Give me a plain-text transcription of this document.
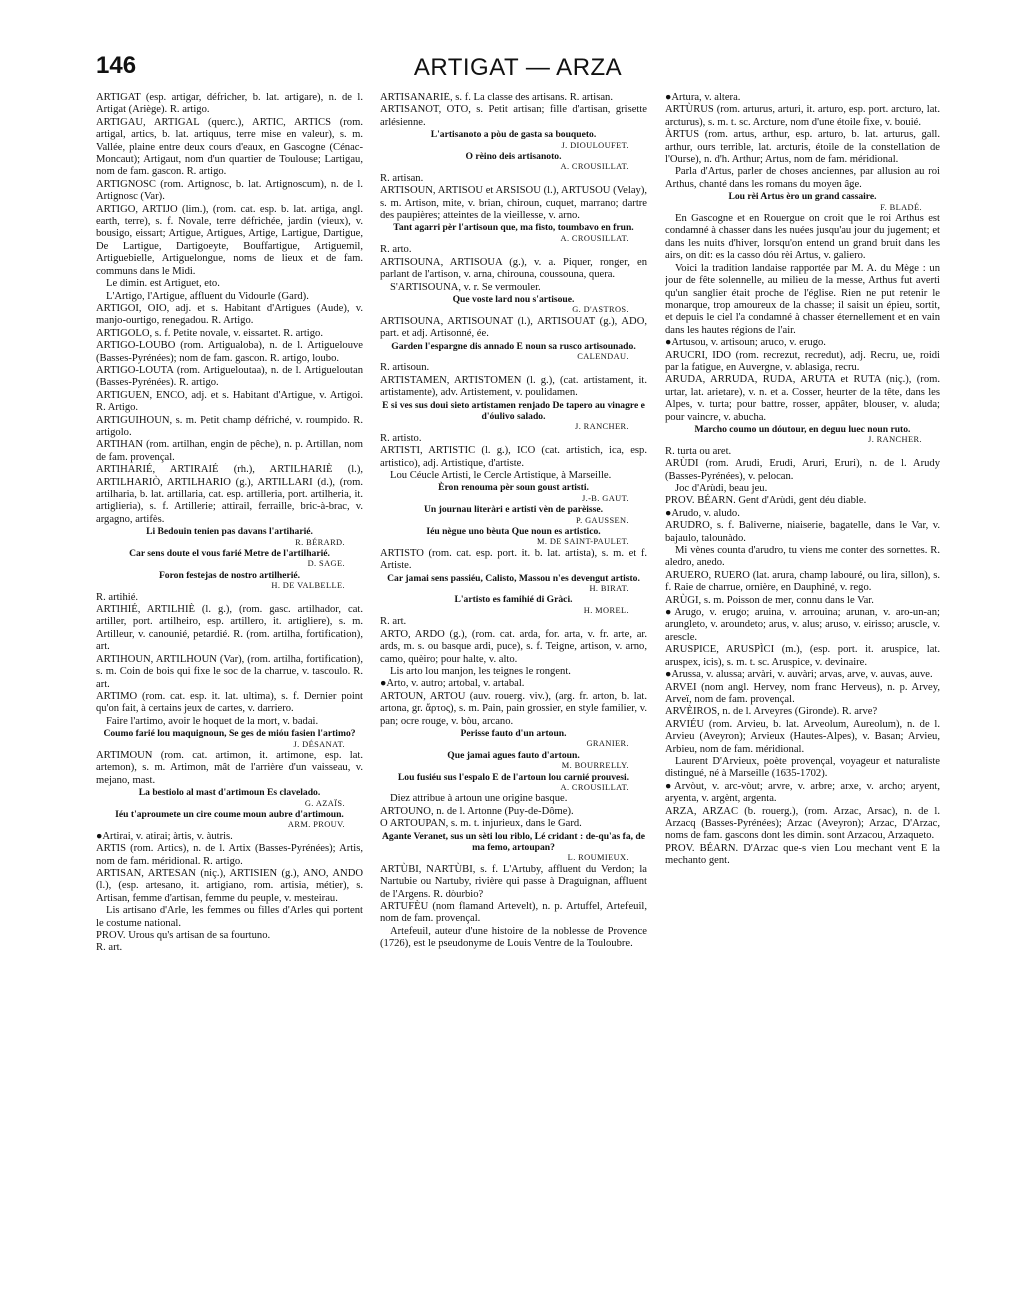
146	ARTIGAT — ARZA

ARTIGAT (esp. artigar, défricher, b. lat. artigare), n. de l. Artigat (Ariège). R. artigo.

ARTIGAU, ARTIGAL (querc.), ARTIC, ARTICS (rom. artigal, artics, b. lat. artiquus, terre mise en valeur), s. m. Vallée, plaine entre deux cours d'eaux, en Gascogne (Cénac-Moncaut); Artigaut, nom d'un quartier de Toulouse; Lartigau, nom de fam. gascon. R. artigo.

ARTIGNOSC (rom. Artignosc, b. lat. Artignoscum), n. de l. Artignosc (Var).

ARTIGO, ARTIJO (lim.), (rom. cat. esp. b. lat. artiga, angl. earth, terre), s. f. Novale, terre défrichée, jardin (vieux), v. bousigo, eissart; Artigue, Artigues, Artige, Lartigue, Dartigue, De Lartigue, Dartigoeyte, Bouffartigue, Artiguemil, Artiguebielle, Artiguelongue, noms de lieux et de fam. communs dans le Midi.

Le dimin. est Artiguet, eto.

L'Artigo, l'Artigue, affluent du Vidourle (Gard).

ARTIGOI, OIO, adj. et s. Habitant d'Artigues (Aude), v. manjo-ourtigo, renegadou. R. Artigo.

ARTIGOLO, s. f. Petite novale, v. eissartet. R. artigo.

ARTIGO-LOUBO (rom. Artigualoba), n. de l. Artiguelouve (Basses-Pyrénées); nom de fam. gascon. R. artigo, loubo.

ARTIGO-LOUTA (rom. Artigueloutaa), n. de l. Artigueloutan (Basses-Pyrénées). R. artigo.

ARTIGUEN, ENCO, adj. et s. Habitant d'Artigue, v. Artigoi. R. Artigo.

ARTIGUIHOUN, s. m. Petit champ défriché, v. roumpido. R. artigolo.

ARTIHAN (rom. artilhan, engin de pêche), n. p. Artillan, nom de fam. provençal.

ARTIHARIÉ, ARTIRAIÉ (rh.), ARTILHARIÈ (l.), ARTILHARIÒ, ARTILHARIO (g.), ARTILLARI (d.), (rom. artilharia, b. lat. artillaria, cat. esp. artilleria, port. artilheria, it. artiglieria), s. f. Artillerie; attirail, ferraille, bric-à-brac, v. argagno, artifès.

Li Bedouin tenien pas davans l'artiharié.

R. BÉRARD.

Car sens doute el vous farié Metre de l'artilharié.

D. SAGE.

Foron festejas de nostro artilherié.

H. DE VALBELLE.

R. artihié.

ARTIHIÉ, ARTILHIÈ (l. g.), (rom. gasc. artilhador, cat. artiller, port. artilheiro, esp. artillero, it. artigliere), s. m. Artilleur, v. canounié, petardié. R. (rom. artilha, fortification), art.

ARTIHOUN, ARTILHOUN (Var), (rom. artilha, fortification), s. m. Coin de bois qui fixe le soc de la charrue, v. tascoulo. R. art.

ARTIMO (rom. cat. esp. it. lat. ultima), s. f. Dernier point qu'on fait, à certains jeux de cartes, v. darriero.

Faire l'artimo, avoir le hoquet de la mort, v. badai.

Coumo farié lou maquignoun, Se ges de mióu fasien l'artimo?

J. DÉSANAT.

ARTIMOUN (rom. cat. artimon, it. artimone, esp. lat. artemon), s. m. Artimon, mât de l'arrière d'un vaisseau, v. mejano, mast.

La bestiolo al mast d'artimoun Es clavelado.

G. AZAÏS.

Iéu t'aproumete un cire coume moun aubre d'artimoun.

ARM. PROUV.

●Artirai, v. atirai; àrtis, v. àutris.

ARTIS (rom. Artics), n. de l. Artix (Basses-Pyrénées); Artis, nom de fam. méridional. R. artigo.

ARTISAN, ARTESAN (niç.), ARTISIEN (g.), ANO, ANDO (l.), (esp. artesano, it. artigiano, rom. artisia, métier), s. Artisan, femme d'artisan, femme du peuple, v. mesteirau.

Lis artisano d'Arle, les femmes ou filles d'Arles qui portent le costume national.

PROV. Urous qu's artisan de sa fourtuno.

R. art.

ARTISANARIÉ, s. f. La classe des artisans. R. artisan.

ARTISANOT, OTO, s. Petit artisan; fille d'artisan, grisette arlésienne.

L'artisanoto a pòu de gasta sa bouqueto.

J. DIOULOUFET.

O rèino deis artisanoto.

A. CROUSILLAT.

R. artisan.

ARTISOUN, ARTISOU et ARSISOU (l.), ARTUSOU (Velay), s. m. Artison, mite, v. brian, chiroun, cuquet, marrano; dartre des paupières; atteintes de la vieillesse, v. arno.

Tant agarri pèr l'artisoun que, ma fisto, toumbavo en frun.

A. CROUSILLAT.

R. arto.

ARTISOUNA, ARTISOUA (g.), v. a. Piquer, ronger, en parlant de l'artison, v. arna, chirouna, coussouna, quera.

S'ARTISOUNA, v. r. Se vermouler.

Que voste lard nou s'artisoue.

G. D'ASTROS.

ARTISOUNA, ARTISOUNAT (l.), ARTISOUAT (g.), ADO, part. et adj. Artisonné, ée.

Garden l'espargne dis annado E noun sa rusco artisounado.

CALENDAU.

R. artisoun.

ARTISTAMEN, ARTISTOMEN (l. g.), (cat. artistament, it. artistamente), adv. Artistement, v. poulidamen.

E si ves sus doui sieto artistamen renjado De tapero au vinagre e d'óulivo salado.

J. RANCHER.

R. artisto.

ARTISTI, ARTISTIC (l. g.), ICO (cat. artistich, ica, esp. artistico), adj. Artistique, d'artiste.

Lou Céucle Artisti, le Cercle Artistique, à Marseille.

Èron renouma pèr soun goust artisti.

J.-B. GAUT.

Un journau literàri e artisti vèn de parèisse.

P. GAUSSEN.

Iéu nègue uno bèuta Que noun es artistico.

M. DE SAINT-PAULET.

ARTISTO (rom. cat. esp. port. it. b. lat. artista), s. m. et f. Artiste.

Car jamai sens passiéu, Calisto, Massou n'es devengut artisto.

H. BIRAT.

L'artisto es famihié di Gràci.

H. MOREL.

R. art.

ARTO, ARDO (g.), (rom. cat. arda, for. arta, v. fr. arte, ar. ards, m. s. ou basque ardi, puce), s. f. Teigne, artison, v. arno, camo, quèiro; pour halte, v. alto.

Lis arto lou manjon, les teignes le rongent.

●Arto, v. autro; artobal, v. artabal.

ARTOUN, ARTOU (auv. rouerg. viv.), (arg. fr. arton, b. lat. artona, gr. ἄρτος), s. m. Pain, pain grossier, en style familier, v. pan; ocre rouge, v. bòu, arcano.

Perisse fauto d'un artoun.

GRANIER.

Que jamai agues fauto d'artoun.

M. BOURRELLY.

Lou fusiéu sus l'espalo E de l'artoun lou carnié prouvesi.

A. CROUSILLAT.

Diez attribue à artoun une origine basque.

ARTOUNO, n. de l. Artonne (Puy-de-Dôme).

O ARTOUPAN, s. m. t. injurieux, dans le Gard.

Agante Veranet, sus un sèti lou riblo, Lé cridant : de-qu'as fa, de ma femo, artoupan?

L. ROUMIEUX.

ARTÙBI, NARTÙBI, s. f. L'Artuby, affluent du Verdon; la Nartubie ou Nartuby, rivière qui passe à Draguignan, affluent de l'Argens. R. dòurbio?

ARTUFÈU (nom flamand Artevelt), n. p. Artuffel, Artefeuil, nom de fam. provençal.

Artefeuil, auteur d'une histoire de la noblesse de Provence (1726), est le pseudonyme de Louis Ventre de la Touloubre.

●Artura, v. altera.

ARTÙRUS (rom. arturus, arturi, it. arturo, esp. port. arcturo, lat. arcturus), s. m. t. sc. Arcture, nom d'une étoile fixe, v. bouié.

ÀRTUS (rom. artus, arthur, esp. arturo, b. lat. arturus, gall. arthur, ours terrible, lat. arcturis, étoile de la constellation de l'Ourse), n. d'h. Arthur; Artus, nom de fam. méridional.

Parla d'Artus, parler de choses anciennes, par allusion au roi Arthus, chanté dans les romans du moyen âge.

Lou rèi Artus èro un grand cassaire.

F. BLADÉ.

En Gascogne et en Rouergue on croit que le roi Arthus est condamné à chasser dans les nuées jusqu'au jour du jugement; et dans les nuits d'hiver, lorsqu'on entend un grand bruit dans les airs, on dit: es la casso dóu rèi Artus, v. galiero.

Voici la tradition landaise rapportée par M. A. du Mège : un jour de fête solennelle, au milieu de la messe, Arthus fut averti qu'un sanglier était proche de l'église. Rien ne put retenir le monarque, trop amoureux de la chasse; il saisit un épieu, sortit, et depuis le ciel l'a condamné à chasser éternellement et en vain dans les hautes régions de l'air.

●Artusou, v. artisoun; aruco, v. erugo.

ARUCRI, IDO (rom. recrezut, recredut), adj. Recru, ue, roidi par la fatigue, en Auvergne, v. ablasiga, recru.

ARUDA, ARRUDA, RUDA, ARUTA et RUTA (niç.), (rom. urtar, lat. arietare), v. n. et a. Cosser, heurter de la tête, dans les Alpes, v. turta; pour battre, rosser, appâter, blouser, v. aluda; pour vaincre, v. abucha.

Marcho coumo un dóutour, en deguu luec noun ruto.

J. RANCHER.

R. turta ou aret.

ARÙDI (rom. Arudi, Erudi, Aruri, Eruri), n. de l. Arudy (Basses-Pyrénées), v. pelocan.

Joc d'Arùdi, beau jeu.

PROV. BÉARN. Gent d'Arùdi, gent déu diable.

●Arudo, v. aludo.

ARUDRO, s. f. Baliverne, niaiserie, bagatelle, dans le Var, v. bajaulo, talounàdo.

Mi vènes counta d'arudro, tu viens me conter des sornettes. R. aledro, anedo.

ARUERO, RUERO (lat. arura, champ labouré, ou lira, sillon), s. f. Raie de charrue, ornière, en Dauphiné, v. rego.

ARÙGI, s. m. Poisson de mer, connu dans le Var.

●Arugo, v. erugo; aruina, v. arrouina; arunan, v. aro-un-an; arungleto, v. aroundeto; arus, v. alus; aruso, v. eirisso; aruscle, v. arescle.

ARUSPICE, ARUSPÌCI (m.), (esp. port. it. aruspice, lat. aruspex, icis), s. m. t. sc. Aruspice, v. devinaire.

●Arussa, v. alussa; arvàri, v. auvàri; arvas, arve, v. auvas, auve.

ARVEI (nom angl. Hervey, nom franc Herveus), n. p. Arvey, Arveï, nom de fam. provençal.

ARVÈIROS, n. de l. Arveyres (Gironde). R. arve?

ARVIÉU (rom. Arvieu, b. lat. Arveolum, Aureolum), n. de l. Arvieu (Aveyron); Arvieux (Hautes-Alpes), v. Basan; Arvieu, Arbieu, nom de fam. méridional.

Laurent D'Arvieux, poète provençal, voyageur et naturaliste distingué, né à Marseille (1635-1702).

●Arvòut, v. arc-vòut; arvre, v. arbre; arxe, v. archo; aryent, aryenta, v. argènt, argenta.

ARZA, ARZAC (b. rouerg.), (rom. Arzac, Arsac), n. de l. Arzacq (Basses-Pyrénées); Arzac (Aveyron); Arzac, D'Arzac, noms de fam. gascons dont les dimin. sont Arzacou, Arzaqueto.

PROV. BÉARN. D'Arzac que-s vien Lou mechant vent E la mechanto gent.
